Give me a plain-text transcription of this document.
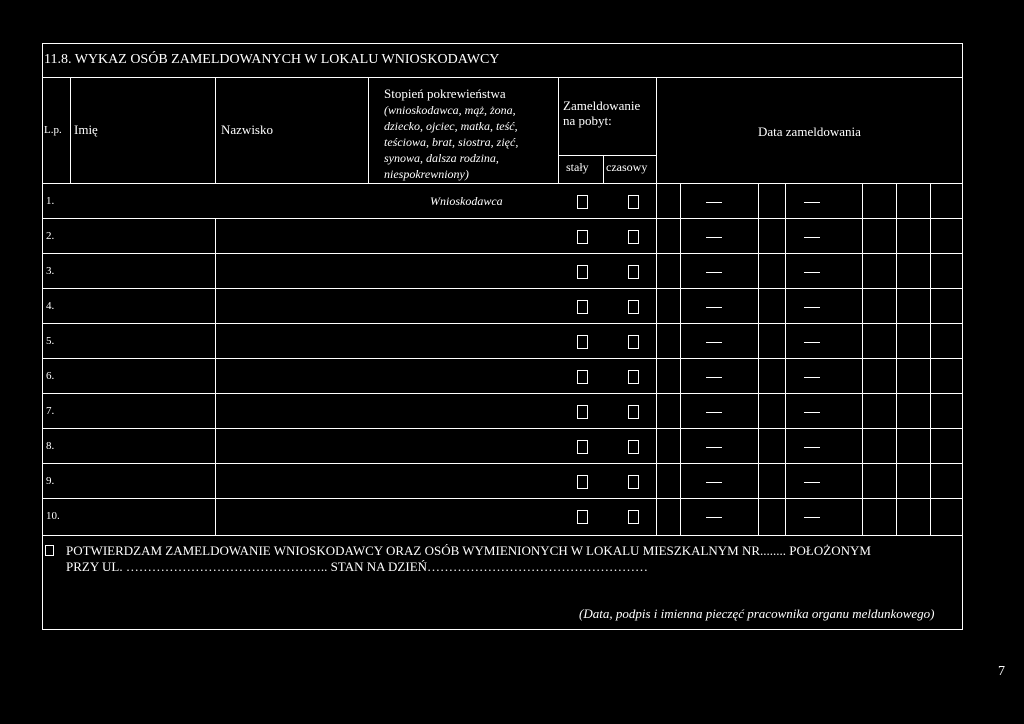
11.8. WYKAZ OSÓB ZAMELDOWANYCH W LOKALU WNIOSKODAWCY
L.p. Imię	Nazwisko
Stopień pokrewieństwa
(wnioskodawca, mąż, żona,
dziecko, ojciec, matka, teść,
teściowa, brat, siostra, zięć,
synowa, dalsza rodzina,
niespokrewniony)
Zameldowanie
na pobyt:
stały czasowy
Data zameldowania
1.	Wnioskodawca
2.
3.
4.
5.
6.
7.
8.
9.
10.
POTWIERDZAM ZAMELDOWANIE WNIOSKODAWCY ORAZ OSÓB WYMIENIONYCH W LOKALU MIESZKALNYM NR........ POŁOŻONYM
PRZY UL. ……………………………………….. STAN NA DZIEŃ……………………………………………
(Data, podpis i imienna pieczęć pracownika organu meldunkowego)
7
